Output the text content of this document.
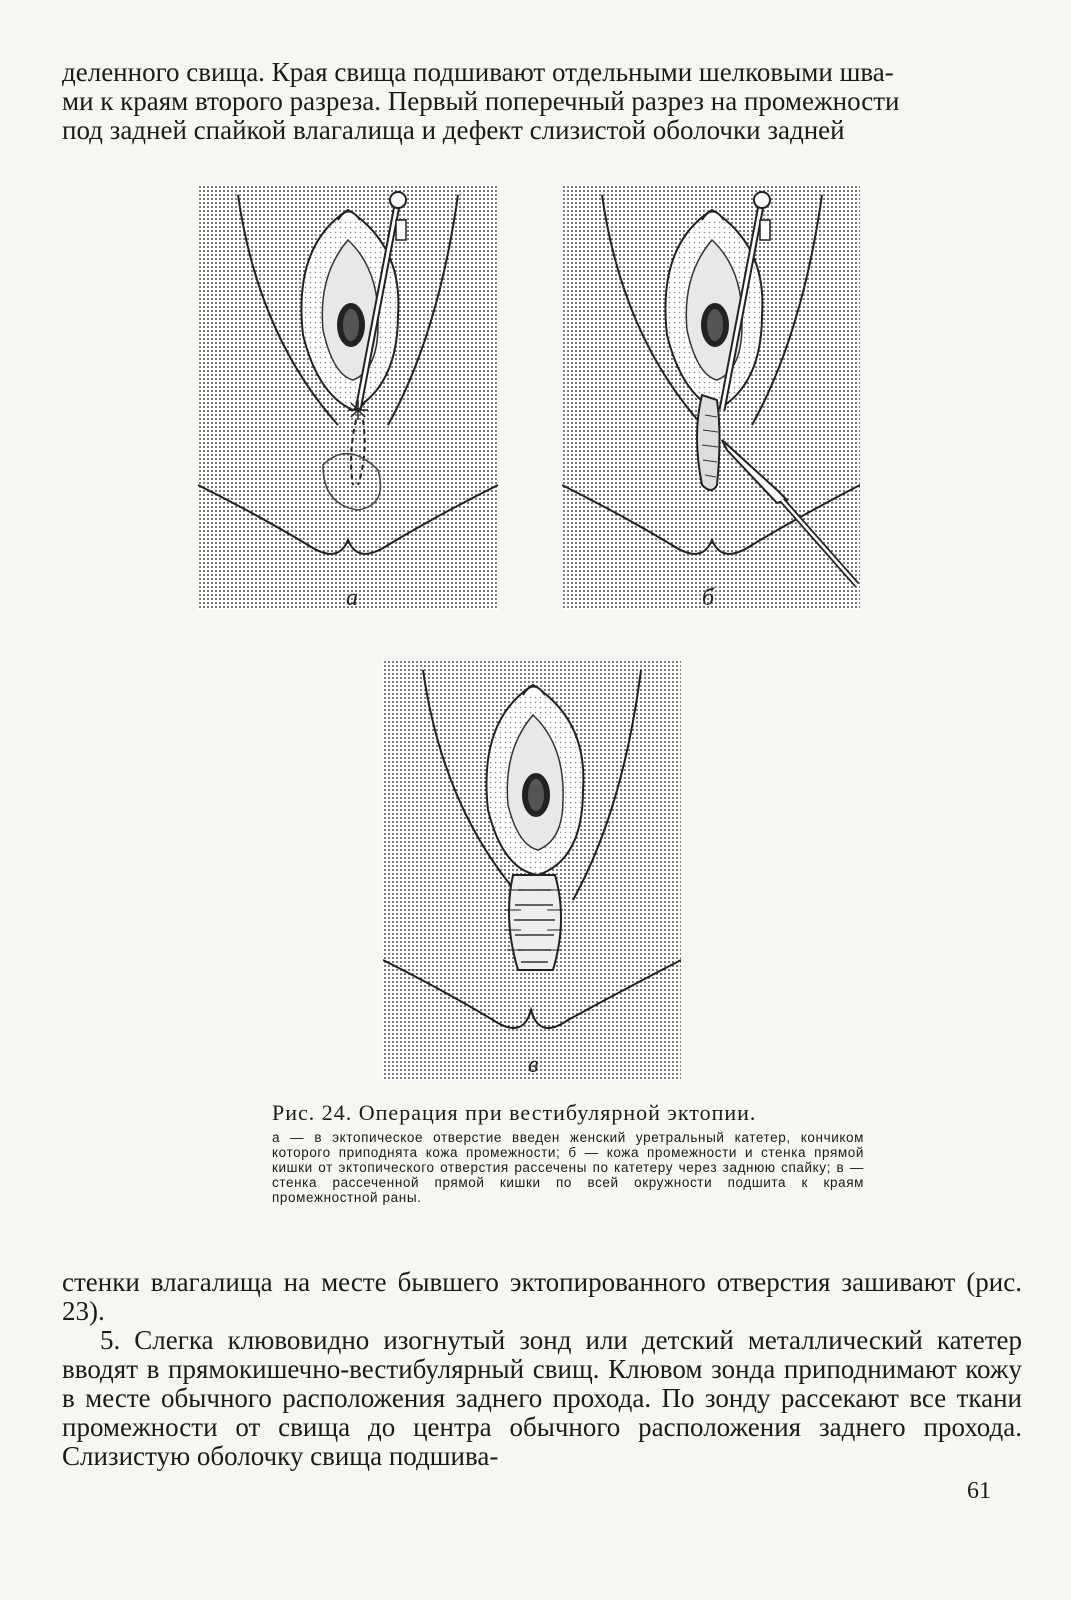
деленного свища. Края свища подшивают отдельными шелковыми шва-

ми к краям второго разреза. Первый поперечный разрез на промежности

под задней спайкой влагалища и дефект слизистой оболочки задней

а	б
в
Рис. 24. Операция при вестибулярной эктопии.
а — в эктопическое отверстие введен женский уретральный катетер, кончиком которого приподнята кожа промежности; б — кожа промежности и стенка прямой кишки от эктопического отверстия рассечены по катетеру через заднюю спайку; в — стенка рассеченной прямой кишки по всей окружности подшита к краям промежностной раны.

стенки влагалища на месте бывшего эктопированного отверстия зашивают (рис. 23).

5. Слегка клювовидно изогнутый зонд или детский металлический катетер вводят в прямокишечно-вестибулярный свищ. Клювом зонда приподнимают кожу в месте обычного расположения заднего прохода. По зонду рассекают все ткани промежности от свища до центра обычного расположения заднего прохода. Слизистую оболочку свища подшива-

61
